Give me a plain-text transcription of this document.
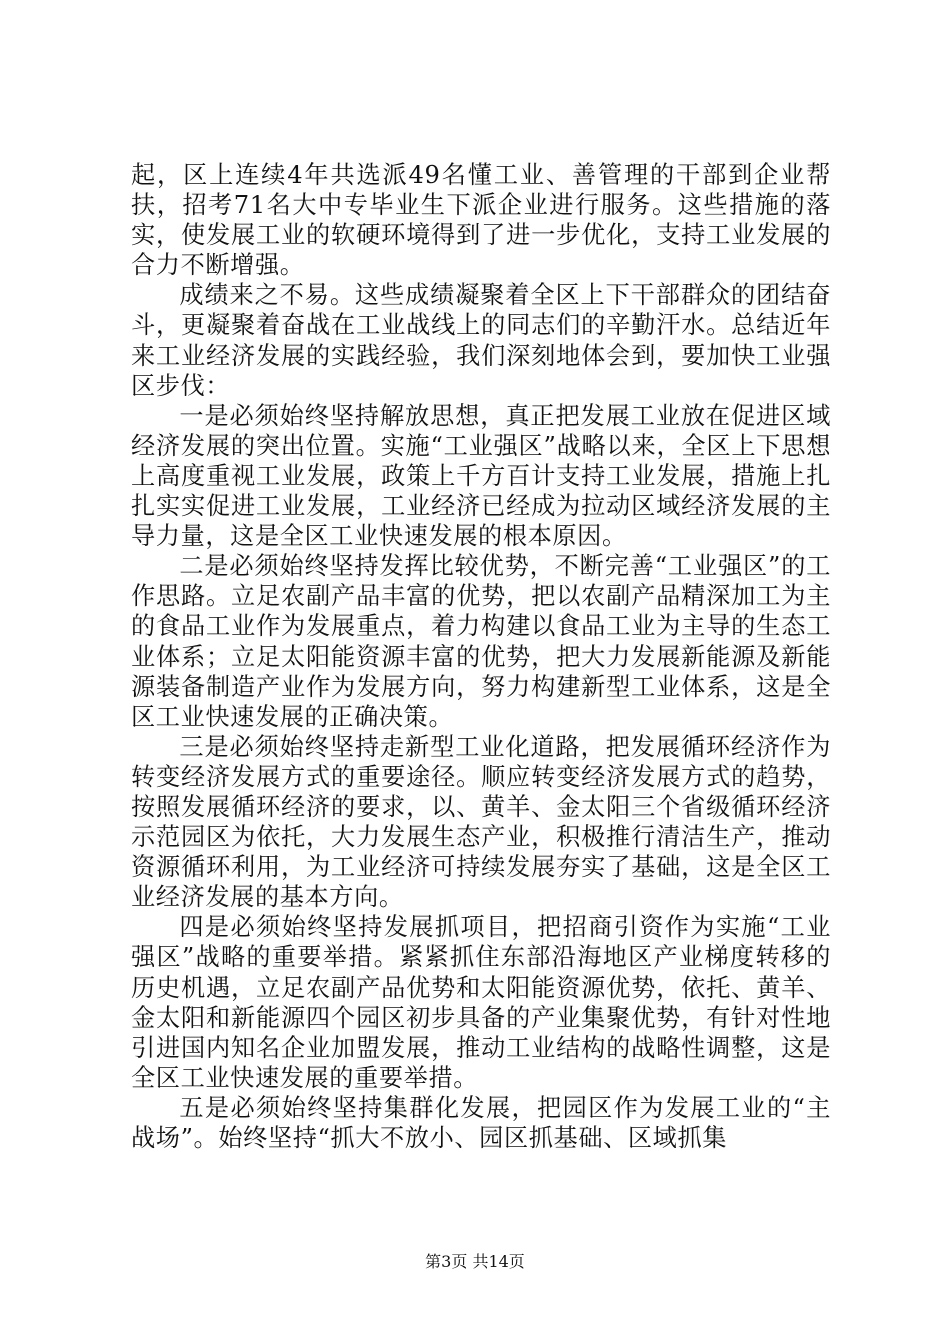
起，区上连续4年共选派49名懂工业、善管理的干部到企业帮扶，招考71名大中专毕业生下派企业进行服务。这些措施的落实，使发展工业的软硬环境得到了进一步优化，支持工业发展的合力不断增强。

成绩来之不易。这些成绩凝聚着全区上下干部群众的团结奋斗，更凝聚着奋战在工业战线上的同志们的辛勤汗水。总结近年来工业经济发展的实践经验，我们深刻地体会到，要加快工业强区步伐：

一是必须始终坚持解放思想，真正把发展工业放在促进区域经济发展的突出位置。实施“工业强区”战略以来，全区上下思想上高度重视工业发展，政策上千方百计支持工业发展，措施上扎扎实实促进工业发展，工业经济已经成为拉动区域经济发展的主导力量，这是全区工业快速发展的根本原因。

二是必须始终坚持发挥比较优势，不断完善“工业强区”的工作思路。立足农副产品丰富的优势，把以农副产品精深加工为主的食品工业作为发展重点，着力构建以食品工业为主导的生态工业体系；立足太阳能资源丰富的优势，把大力发展新能源及新能源装备制造产业作为发展方向，努力构建新型工业体系，这是全区工业快速发展的正确决策。

三是必须始终坚持走新型工业化道路，把发展循环经济作为转变经济发展方式的重要途径。顺应转变经济发展方式的趋势，按照发展循环经济的要求，以、黄羊、金太阳三个省级循环经济示范园区为依托，大力发展生态产业，积极推行清洁生产，推动资源循环利用，为工业经济可持续发展夯实了基础，这是全区工业经济发展的基本方向。

四是必须始终坚持发展抓项目，把招商引资作为实施“工业强区”战略的重要举措。紧紧抓住东部沿海地区产业梯度转移的历史机遇，立足农副产品优势和太阳能资源优势，依托、黄羊、金太阳和新能源四个园区初步具备的产业集聚优势，有针对性地引进国内知名企业加盟发展，推动工业结构的战略性调整，这是全区工业快速发展的重要举措。

五是必须始终坚持集群化发展，把园区作为发展工业的“主战场”。始终坚持“抓大不放小、园区抓基础、区域抓集

第3页 共14页
